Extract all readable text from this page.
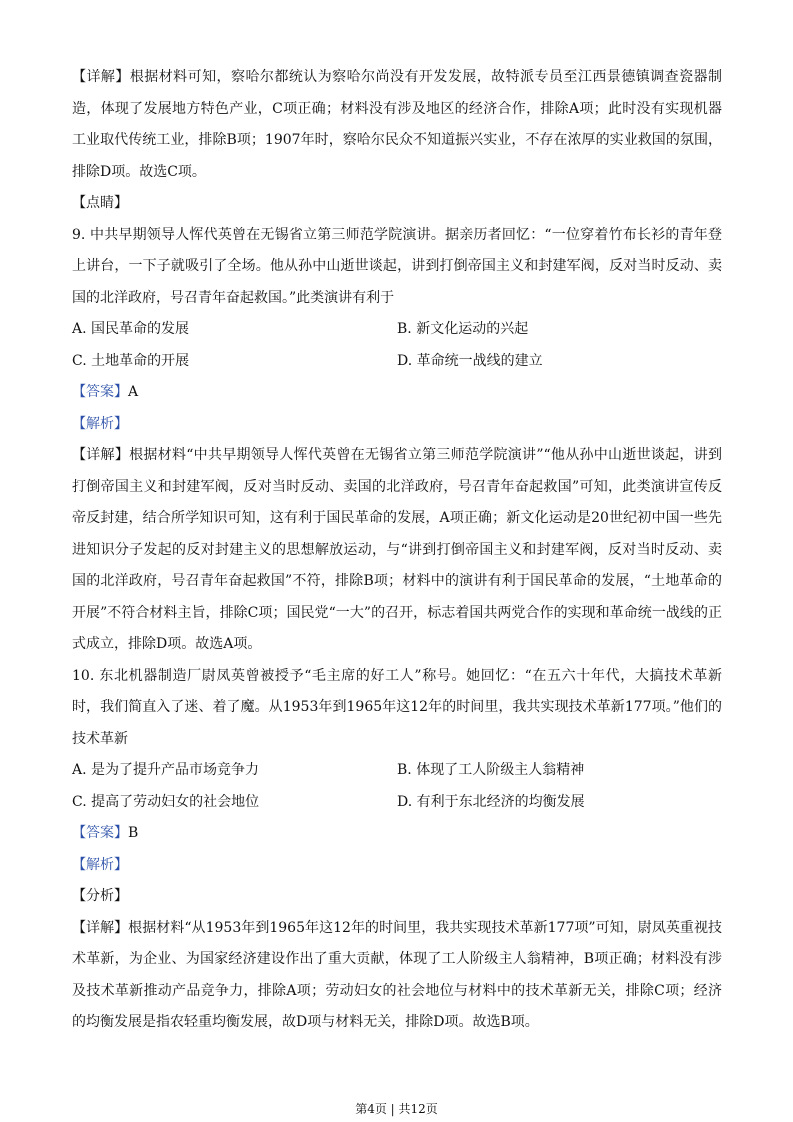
【详解】根据材料可知，察哈尔都统认为察哈尔尚没有开发发展，故特派专员至江西景德镇调查瓷器制造，体现了发展地方特色产业，C项正确；材料没有涉及地区的经济合作，排除A项；此时没有实现机器工业取代传统工业，排除B项；1907年时，察哈尔民众不知道振兴实业，不存在浓厚的实业救国的氛围，排除D项。故选C项。

【点睛】

9. 中共早期领导人恽代英曾在无锡省立第三师范学院演讲。据亲历者回忆：“一位穿着竹布长衫的青年登上讲台，一下子就吸引了全场。他从孙中山逝世谈起，讲到打倒帝国主义和封建军阀，反对当时反动、卖国的北洋政府，号召青年奋起救国。”此类演讲有利于

A. 国民革命的发展	B. 新文化运动的兴起
C. 土地革命的开展	D. 革命统一战线的建立

【答案】A

【解析】

【详解】根据材料“中共早期领导人恽代英曾在无锡省立第三师范学院演讲”“他从孙中山逝世谈起，讲到打倒帝国主义和封建军阀，反对当时反动、卖国的北洋政府，号召青年奋起救国”可知，此类演讲宣传反帝反封建，结合所学知识可知，这有利于国民革命的发展，A项正确；新文化运动是20世纪初中国一些先进知识分子发起的反对封建主义的思想解放运动，与“讲到打倒帝国主义和封建军阀，反对当时反动、卖国的北洋政府，号召青年奋起救国”不符，排除B项；材料中的演讲有利于国民革命的发展，“土地革命的开展”不符合材料主旨，排除C项；国民党“一大”的召开，标志着国共两党合作的实现和革命统一战线的正式成立，排除D项。故选A项。

10. 东北机器制造厂尉凤英曾被授予“毛主席的好工人”称号。她回忆：“在五六十年代，大搞技术革新时，我们简直入了迷、着了魔。从1953年到1965年这12年的时间里，我共实现技术革新177项。”他们的技术革新

A. 是为了提升产品市场竞争力	B. 体现了工人阶级主人翁精神
C. 提高了劳动妇女的社会地位	D. 有利于东北经济的均衡发展

【答案】B

【解析】

【分析】

【详解】根据材料“从1953年到1965年这12年的时间里，我共实现技术革新177项”可知，尉凤英重视技术革新，为企业、为国家经济建设作出了重大贡献，体现了工人阶级主人翁精神，B项正确；材料没有涉及技术革新推动产品竞争力，排除A项；劳动妇女的社会地位与材料中的技术革新无关，排除C项；经济的均衡发展是指农轻重均衡发展，故D项与材料无关，排除D项。故选B项。

第4页 | 共12页
